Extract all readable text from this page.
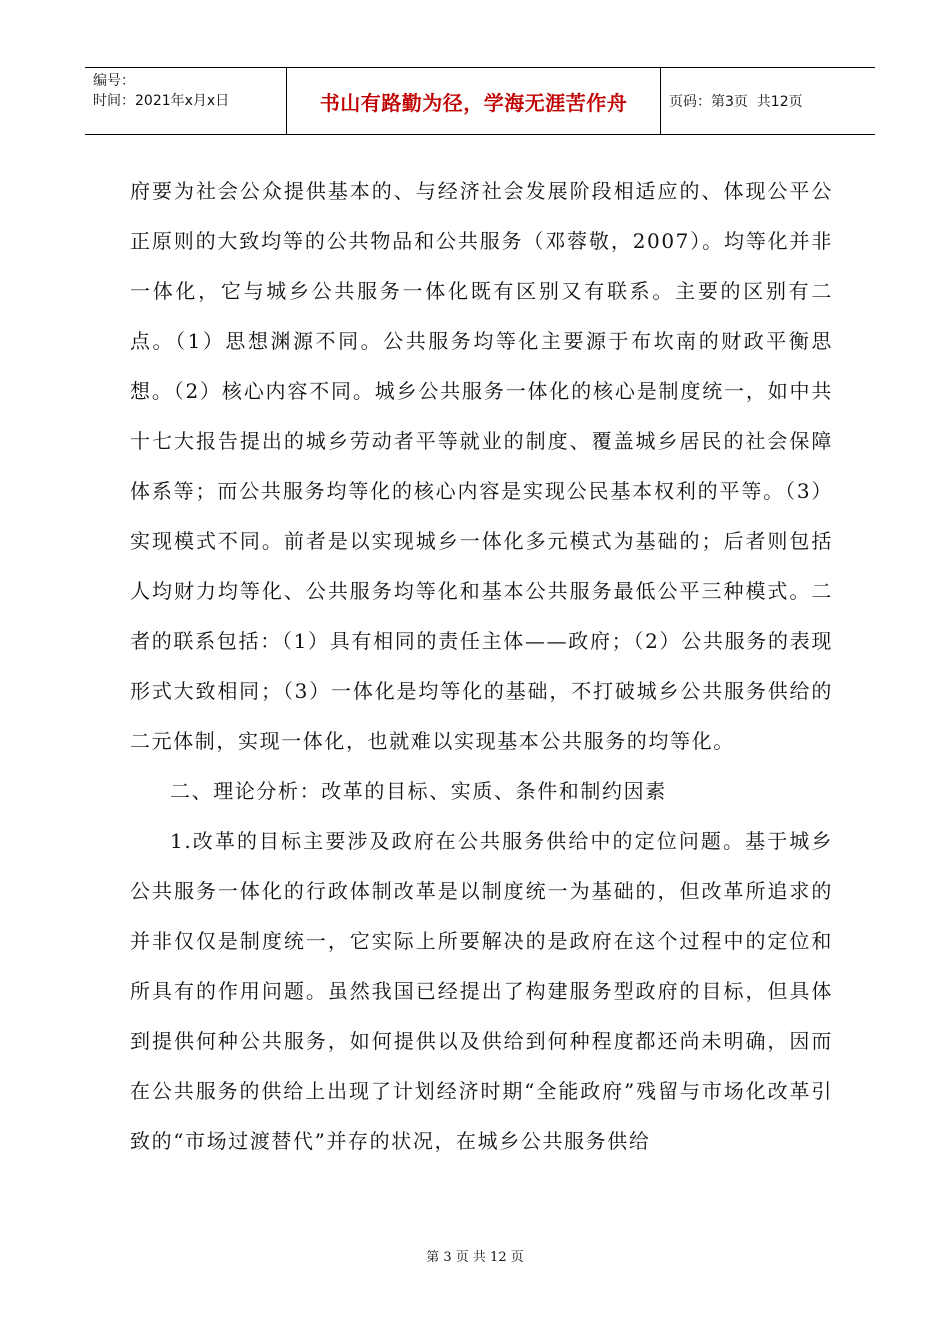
编号：
时间：2021年x月x日	书山有路勤为径，学海无涯苦作舟	页码：第3页  共12页

府要为社会公众提供基本的、与经济社会发展阶段相适应的、体现公平公正原则的大致均等的公共物品和公共服务（邓蓉敬，2007）。均等化并非一体化，它与城乡公共服务一体化既有区别又有联系。主要的区别有二点。（1）思想渊源不同。公共服务均等化主要源于布坎南的财政平衡思想。（2）核心内容不同。城乡公共服务一体化的核心是制度统一，如中共十七大报告提出的城乡劳动者平等就业的制度、覆盖城乡居民的社会保障体系等；而公共服务均等化的核心内容是实现公民基本权利的平等。（3）实现模式不同。前者是以实现城乡一体化多元模式为基础的；后者则包括人均财力均等化、公共服务均等化和基本公共服务最低公平三种模式。二者的联系包括：（1）具有相同的责任主体——政府；（2）公共服务的表现形式大致相同；（3）一体化是均等化的基础，不打破城乡公共服务供给的二元体制，实现一体化，也就难以实现基本公共服务的均等化。

二、理论分析：改革的目标、实质、条件和制约因素

1.改革的目标主要涉及政府在公共服务供给中的定位问题。基于城乡公共服务一体化的行政体制改革是以制度统一为基础的，但改革所追求的并非仅仅是制度统一，它实际上所要解决的是政府在这个过程中的定位和所具有的作用问题。虽然我国已经提出了构建服务型政府的目标，但具体到提供何种公共服务，如何提供以及供给到何种程度都还尚未明确，因而在公共服务的供给上出现了计划经济时期“全能政府”残留与市场化改革引致的“市场过渡替代”并存的状况，在城乡公共服务供给

第 3 页 共 12 页
